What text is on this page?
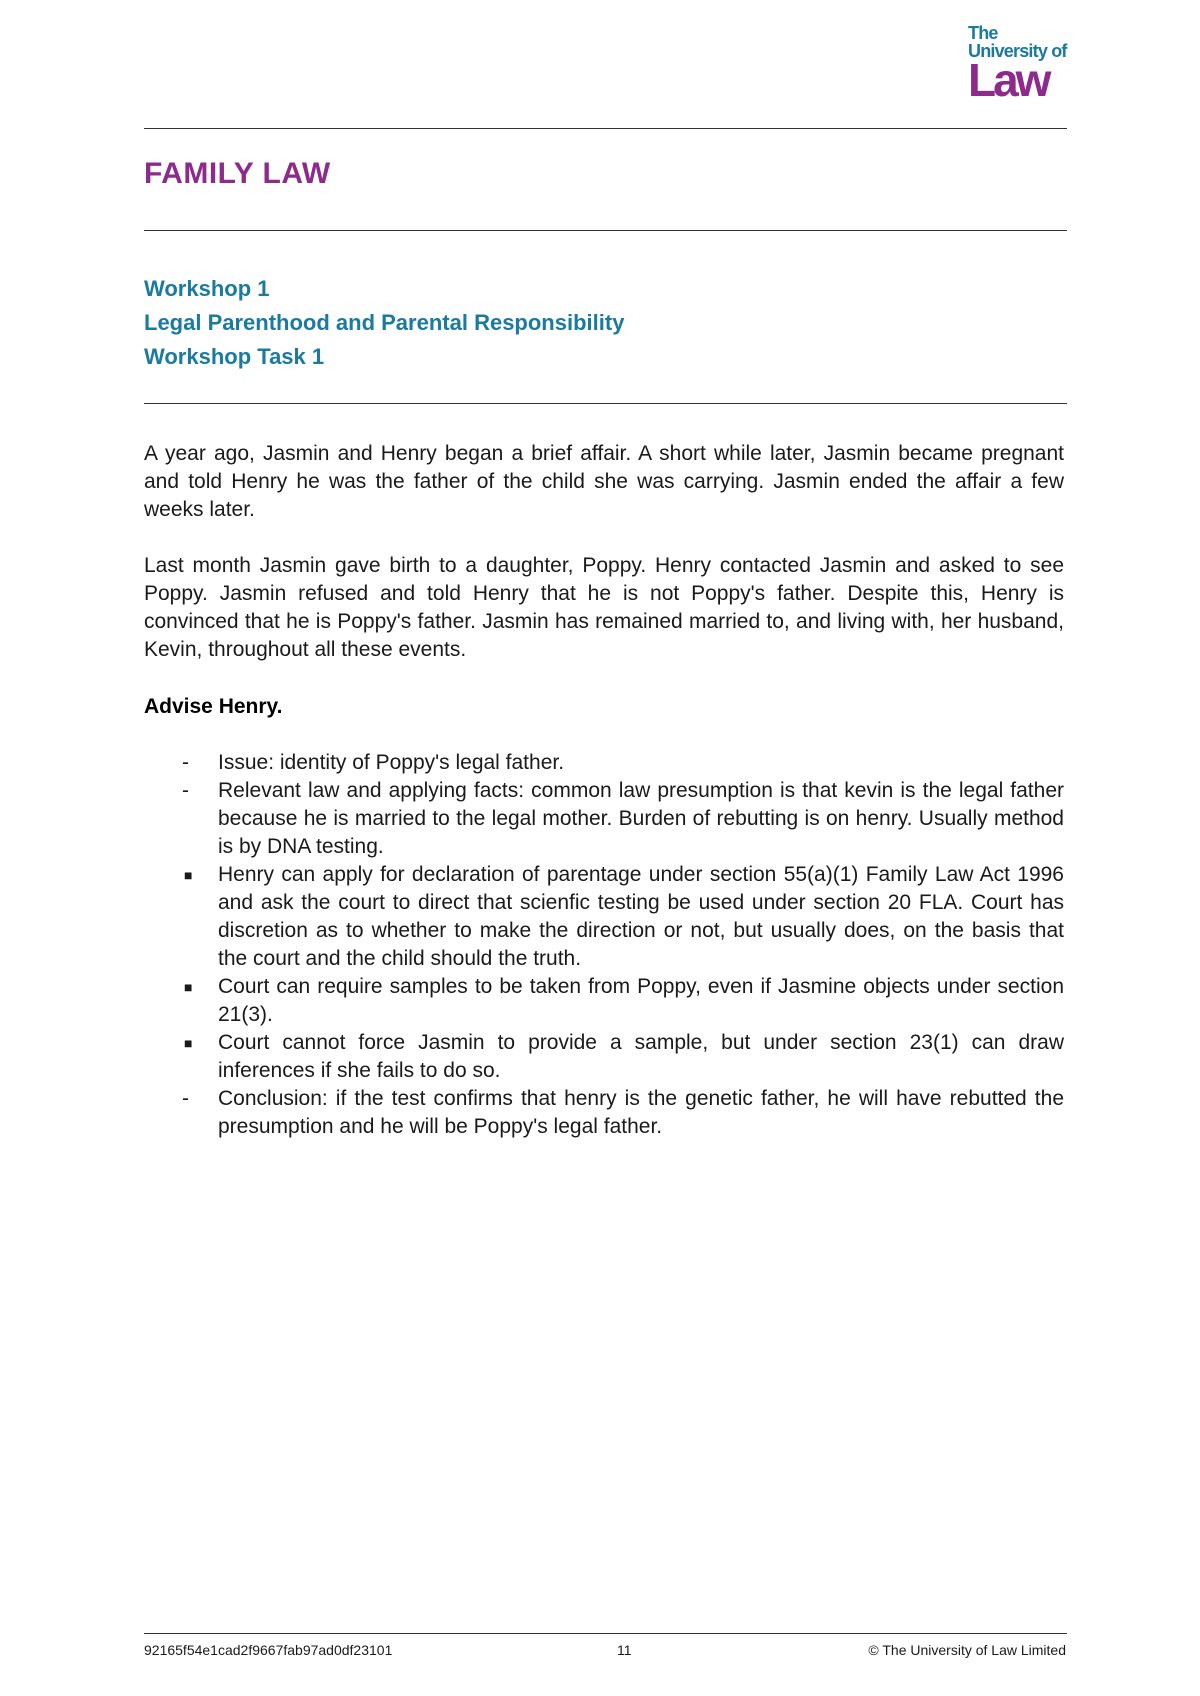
The
University of
Law
FAMILY LAW
Workshop 1
Legal Parenthood and Parental Responsibility
Workshop Task 1

A year ago, Jasmin and Henry began a brief affair. A short while later, Jasmin became pregnant and told Henry he was the father of the child she was carrying. Jasmin ended the affair a few weeks later.

Last month Jasmin gave birth to a daughter, Poppy. Henry contacted Jasmin and asked to see Poppy. Jasmin refused and told Henry that he is not Poppy's father. Despite this, Henry is convinced that he is Poppy's father. Jasmin has remained married to, and living with, her husband, Kevin, throughout all these events.

Advise Henry.

-	Issue: identity of Poppy's legal father.
-	Relevant law and applying facts: common law presumption is that kevin is the legal father because he is married to the legal mother. Burden of rebutting is on henry. Usually method is by DNA testing.
■	Henry can apply for declaration of parentage under section 55(a)(1) Family Law Act 1996 and ask the court to direct that scienfic testing be used under section 20 FLA. Court has discretion as to whether to make the direction or not, but usually does, on the basis that the court and the child should the truth.
■	Court can require samples to be taken from Poppy, even if Jasmine objects under section 21(3).
■	Court cannot force Jasmin to provide a sample, but under section 23(1) can draw inferences if she fails to do so.
-	Conclusion: if the test confirms that henry is the genetic father, he will have rebutted the presumption and he will be Poppy's legal father.
92165f54e1cad2f9667fab97ad0df23101	11	© The University of Law Limited
